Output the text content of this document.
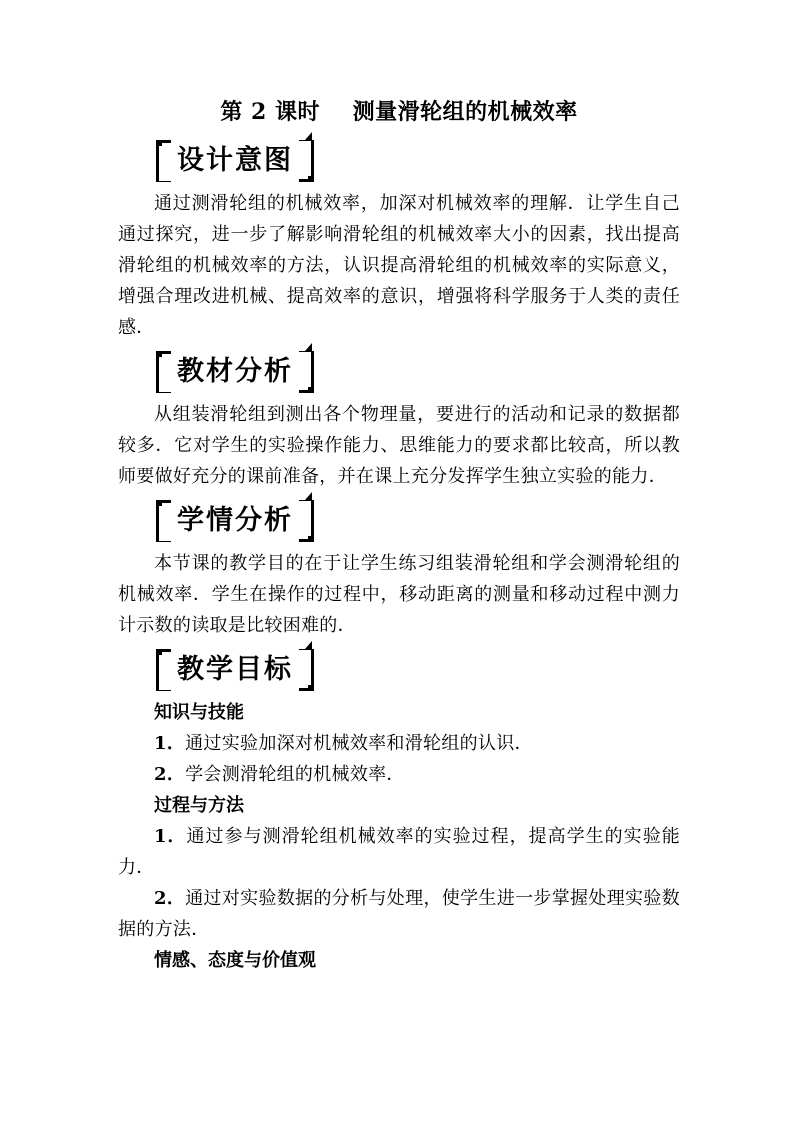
第 2 课时    测量滑轮组的机械效率
设计意图

通过测滑轮组的机械效率，加深对机械效率的理解．让学生自己通过探究，进一步了解影响滑轮组的机械效率大小的因素，找出提高滑轮组的机械效率的方法，认识提高滑轮组的机械效率的实际意义，增强合理改进机械、提高效率的意识，增强将科学服务于人类的责任感．

教材分析

从组装滑轮组到测出各个物理量，要进行的活动和记录的数据都较多．它对学生的实验操作能力、思维能力的要求都比较高，所以教师要做好充分的课前准备，并在课上充分发挥学生独立实验的能力．

学情分析

本节课的教学目的在于让学生练习组装滑轮组和学会测滑轮组的机械效率．学生在操作的过程中，移动距离的测量和移动过程中测力计示数的读取是比较困难的．

教学目标

知识与技能

1．通过实验加深对机械效率和滑轮组的认识．

2．学会测滑轮组的机械效率．

过程与方法

1．通过参与测滑轮组机械效率的实验过程，提高学生的实验能力．

2．通过对实验数据的分析与处理，使学生进一步掌握处理实验数据的方法．

情感、态度与价值观
